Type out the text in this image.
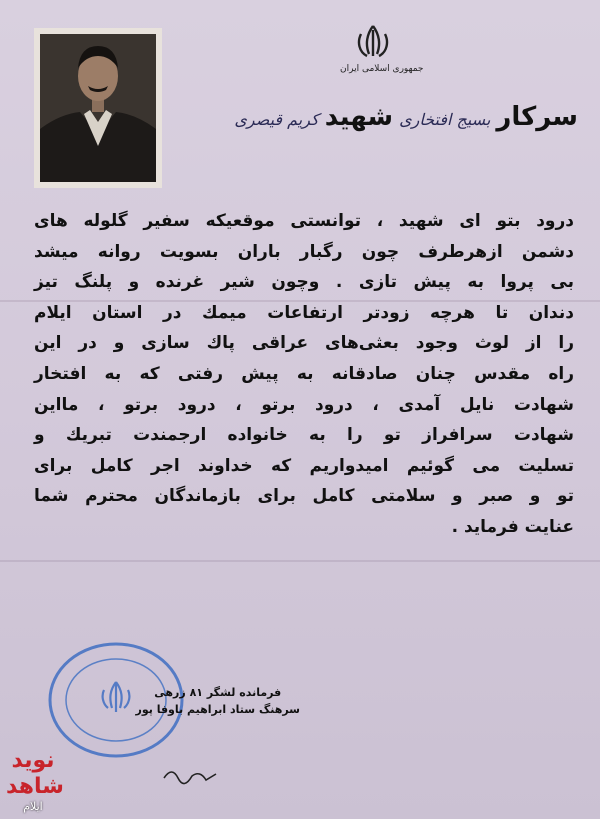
جمهوری اسلامی ایران
سرکار
بسیج افتخاری
شهید
کریم قیصری
درود بتو ای شهید ، توانستی موقعیکه سفیر گلوله های
دشمن ازهرطرف چون رگبار باران بسویت روانه میشد
بی پروا به پیش تازی . وچون شیر غرنده و پلنگ تیز
دندان تا هرچه زودتر ارتفاعات میمك در استان ایلام
را از لوث وجود بعثی‌های عراقی پاك سازی و در این
راه مقدس چنان صادقانه به پیش رفتی که به افتخار
شهادت نایل آمدی ، درود برتو ، درود برتو ، مااین
شهادت سرافراز تو را به خانواده ارجمندت تبریك و
تسلیت می گوئیم امیدواریم که خداوند اجر کامل برای
تو و صبر و سلامتی کامل برای بازماندگان محترم شما
عنایت فرماید .
فرمانده لشگر ۸۱ زرهی
سرهنگ ستاد ابراهیم باوفا پور
نوید شاهد
ایلام
